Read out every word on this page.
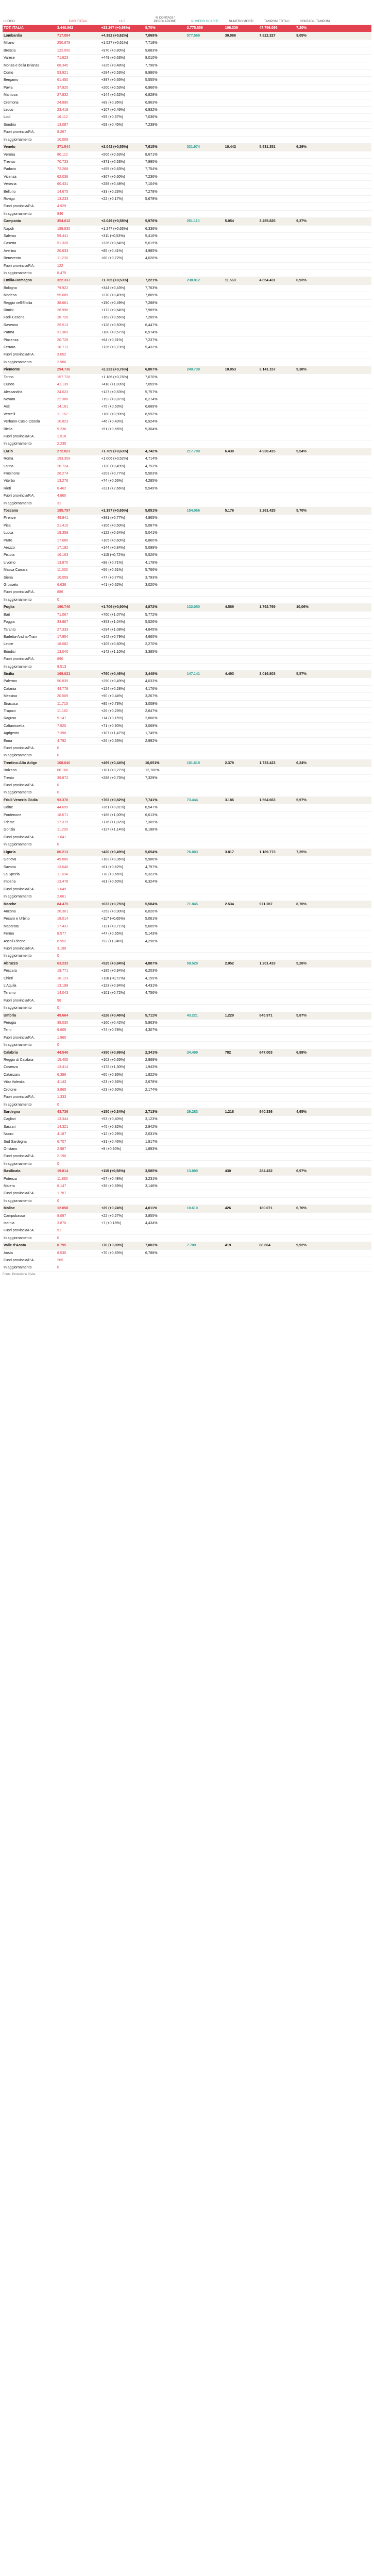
LUOGO	CASI TOTALI	+/- 5	% CONTAGI / POPOLAZIONE	NUMERO GUARITI	NUMERO MORTI	TAMPONI TOTALI	CONTAGI / TAMPONI	
TOT. ITALIA	3.440.862	+23.267 (+0,68%)	5,70%	2.775.559	106.339	47.756.095	7,20%	
Lombardia	717.054	+4.382 (+0,62%)	7,069%	577.569	30.086	7.822.327	9,05%	
Milano	250.678	+1.527 (+0,61%)	7,718%					
Brescia	122.000	+970 (+0,80%)	9,683%					
Varese	71.623	+449 (+0,63%)	8,010%					
Monza e della Brianza	68.345	+325 (+0,48%)	7,796%					
Como	53.921	+284 (+0,53%)	8,986%					
Bergamo	61.450	+397 (+0,65%)	5,555%					
Pavia	37.920	+200 (+0,53%)	6,966%					
Mantova	27.832	+144 (+0,52%)	6,829%					
Cremona	24.890	+89 (+0,36%)	6,963%					
Lecco	23.418	+107 (+0,46%)	6,932%					
Lodi	16.112	+59 (+0,37%)	7,036%					
Sondrio	13.087	+59 (+0,45%)	7,239%					
Fuori provincia/P.A.	8.267							
In aggiornamento	10.009							
Veneto	371.544	+2.042 (+0,55%)	7,615%	331.974	10.442	5.931.351	6,26%	
Verona	80.112	+506 (+0,63%)	8,671%					
Treviso	70.733	+371 (+0,53%)	7,995%					
Padova	72.268	+455 (+0,63%)	7,754%					
Vicenza	62.036	+367 (+0,60%)	7,236%					
Venezia	60.431	+288 (+0,48%)	7,104%					
Belluno	14.675	+33 (+0,23%)	7,278%					
Rovigo	13.233	+22 (+0,17%)	5,679%					
Fuori provincia/P.A.	4.929							
In aggiornamento	846							
Campania	354.012	+2.049 (+0,58%)	5,976%	251.110	5.054	3.455.825	9,37%	
Napoli	199.830	+1.247 (+0,63%)	6,336%					
Salerno	59.441	+311 (+0,53%)	5,416%					
Caserta	51.328	+326 (+0,64%)	5,619%					
Avellino	20.633	+85 (+0,41%)	4,985%					
Benevento	11.230	+80 (+0,72%)	4,026%					
Fuori provincia/P.A.	122							
In aggiornamento	8.475							
Emilia-Romagna	322.337	+1.705 (+0,53%)	7,221%	238.812	11.569	4.654.431	6,93%	
Bologna	79.922	+344 (+0,43%)	7,763%					
Modena	55.685	+270 (+0,49%)	7,885%					
Reggio nell'Emilia	38.661	+190 (+0,49%)	7,288%					
Rimini	26.998	+172 (+0,64%)	7,989%					
Forlì-Cesena	28.720	+162 (+0,56%)	7,285%					
Ravenna	25.513	+128 (+0,50%)	6,447%					
Parma	31.369	+180 (+0,57%)	6,974%					
Piacenza	20.729	+64 (+0,31%)	7,237%					
Ferrara	18.713	+136 (+0,73%)	5,432%					
Fuori provincia/P.A.	3.052							
In aggiornamento	2.980							
Piemonte	294.736	+2.223 (+0,76%)	6,807%	249.738	10.053	3.141.157	9,38%	
Torino	157.728	+1.186 (+0,76%)	7,070%					
Cuneo	41.139	+418 (+1,03%)	7,059%					
Alessandria	24.023	+127 (+0,53%)	5,757%					
Novara	22.300	+192 (+0,87%)	6,274%					
Asti	14.161	+75 (+0,53%)	6,689%					
Vercelli	11.167	+100 (+0,90%)	6,592%					
Verbano-Cusio-Ossola	10.823	+46 (+0,43%)	6,924%					
Biella	9.236	+51 (+0,56%)	5,304%					
Fuori provincia/P.A.	1.918							
In aggiornamento	2.230							
Lazio	272.023	+1.709 (+0,63%)	4,742%	217.708	6.430	4.930.415	5,54%	
Roma	193.309	+1.006 (+0,52%)	4,714%					
Latina	26.724	+130 (+0,49%)	4,753%					
Frosinone	26.274	+203 (+0,77%)	5,503%					
Viterbo	13.276	+74 (+0,56%)	4,285%					
Rieti	8.462	+221 (+2,66%)	5,549%					
Fuori provincia/P.A.	4.860							
In aggiornamento	31							
Toscana	185.797	+1.197 (+0,65%)	5,051%	154.066	5.176	3.261.425	5,70%	
Firenze	49.941	+381 (+0,77%)	4,965%					
Pisa	21.410	+106 (+0,50%)	5,087%					
Lucca	19.359	+122 (+0,64%)	5,041%					
Prato	17.680	+105 (+0,60%)	6,860%					
Arezzo	17.192	+144 (+0,84%)	5,099%					
Pistoia	16.163	+115 (+0,72%)	5,526%					
Livorno	13.870	+98 (+0,71%)	4,179%					
Massa Carrara	11.050	+56 (+0,51%)	5,766%					
Siena	10.059	+77 (+0,77%)	3,793%					
Grosseto	6.636	+41 (+0,62%)	3,020%					
Fuori provincia/P.A.	886							
In aggiornamento	0							
Puglia	190.746	+1.706 (+0,90%)	4,872%	132.050	4.569	1.792.769	10,06%	
Bari	71.067	+760 (+1,07%)	5,772%					
Foggia	33.867	+353 (+1,04%)	5,526%					
Taranto	27.333	+294 (+1,08%)	4,845%					
Barletta-Andria-Trani	17.954	+142 (+0,79%)	4,660%					
Lecce	18.082	+109 (+0,60%)	2,270%					
Brindisi	13.040	+142 (+1,10%)	3,385%					
Fuori provincia/P.A.	890							
In aggiornamento	8.513							
Sicilia	168.021	+760 (+0,46%)	3,448%	147.141	4.493	3.016.803	5,57%	
Palermo	50.839	+250 (+0,49%)	4,033%					
Catania	44.778	+124 (+0,28%)	4,176%					
Messina	20.509	+90 (+0,44%)	3,267%					
Siracusa	11.713	+85 (+0,73%)	3,009%					
Trapani	11.182	+26 (+0,23%)	2,647%					
Ragusa	9.147	+14 (+0,15%)	2,868%					
Caltanissetta	7.920	+71 (+0,90%)	3,069%					
Agrigento	7.390	+107 (+1,47%)	1,749%					
Enna	4.792	+26 (+0,55%)	2,992%					
Fuori provincia/P.A.	0							
In aggiornamento	0							
Trentino-Alto Adige	108.040	+469 (+0,44%)	10,051%	101.619	2.379	1.733.423	6,24%	
Bolzano	68.168	+181 (+0,27%)	12,788%					
Trento	39.872	+288 (+0,73%)	7,329%					
Fuori provincia/P.A.	0							
In aggiornamento	0							
Friuli Venezia Giulia	93.370	+762 (+0,82%)	7,741%	73.444	3.186	1.564.663	5,97%	
Udine	44.699	+361 (+0,81%)	8,547%					
Pordenone	18.671	+186 (+1,00%)	6,013%					
Trieste	17.379	+176 (+1,02%)	7,309%					
Gorizia	11.290	+127 (+1,14%)	8,188%					
Fuori provincia/P.A.	1.041							
In aggiornamento	0							
Liguria	86.213	+420 (+0,49%)	5,654%	76.803	3.817	1.189.773	7,25%	
Genova	49.880	+183 (+0,36%)	5,986%					
Savona	13.040	+81 (+0,62%)	4,797%					
La Spezia	11.694	+78 (+0,66%)	5,323%					
Imperia	13.478	+81 (+0,60%)	6,324%					
Fuori provincia/P.A.	1.049							
In aggiornamento	2.661							
Marche	84.475	+632 (+0,75%)	5,584%	71.845	2.534	971.287	8,70%	
Ancona	28.301	+253 (+0,90%)	6,020%					
Pesaro e Urbino	18.014	+117 (+0,65%)	5,061%					
Macerata	17.431	+121 (+0,71%)	5,605%					
Fermo	8.577	+47 (+0,55%)	5,143%					
Ascoli Piceno	8.952	+92 (+1,04%)	4,298%					
Fuori provincia/P.A.	3.199							
In aggiornamento	0							
Abruzzo	63.233	+525 (+0,84%)	4,887%	50.528	2.052	1.201.419	5,26%	
Pescara	19.771	+185 (+0,94%)	6,203%					
Chieti	16.123	+116 (+0,72%)	4,159%					
L'Aquila	13.198	+123 (+0,94%)	4,431%					
Teramo	14.043	+101 (+0,72%)	4,756%					
Fuori provincia/P.A.	98							
In aggiornamento	0							
Umbria	49.664	+226 (+0,46%)	5,711%	43.221	1.229	845.971	5,87%	
Perugia	38.030	+160 (+0,42%)	5,863%					
Terni	9.605	+74 (+0,78%)	4,307%					
Fuori provincia/P.A.	1.960							
In aggiornamento	0							
Calabria	44.546	+380 (+0,86%)	2,341%	34.499	782	647.003	6,88%	
Reggio di Calabria	15.405	+102 (+0,65%)	2,868%					
Cosenza	13.414	+172 (+1,30%)	1,943%					
Catanzaro	6.386	+60 (+0,95%)	1,822%					
Vibo Valentia	4.143	+23 (+0,56%)	2,678%					
Crotone	3.865	+23 (+0,60%)	2,174%					
Fuori provincia/P.A.	1.333							
In aggiornamento	0							
Sardegna	43.736	+150 (+0,34%)	2,713%	29.283	1.218	940.336	4,65%	
Cagliari	13.344	+53 (+0,40%)	3,123%					
Sassari	14.321	+45 (+0,32%)	2,942%					
Nuoro	4.187	+12 (+0,29%)	2,031%					
Sud Sardegna	6.707	+31 (+0,46%)	1,917%					
Oristano	2.987	+9 (+0,30%)	1,893%					
Fuori provincia/P.A.	2.190							
In aggiornamento	0							
Basilicata	19.814	+115 (+0,58%)	3,585%	13.890	430	284.432	6,97%	
Potenza	11.880	+57 (+0,48%)	3,231%					
Matera	6.147	+36 (+0,59%)	3,146%					
Fuori provincia/P.A.	1.787							
In aggiornamento	0							
Molise	12.058	+29 (+0,24%)	4,011%	10.610	426	180.071	6,70%	
Campobasso	8.097	+22 (+0,27%)	3,855%					
Isernia	3.870	+7 (+0,18%)	4,434%					
Fuori provincia/P.A.	91							
In aggiornamento	0							
Valle d'Aosta	8.795	+70 (+0,80%)	7,003%	7.709	419	88.664	9,92%	
Aosta	8.530	+70 (+0,83%)	6,788%					
Fuori provincia/P.A.	265							
In aggiornamento	0							
Fonte: Protezione Civile
